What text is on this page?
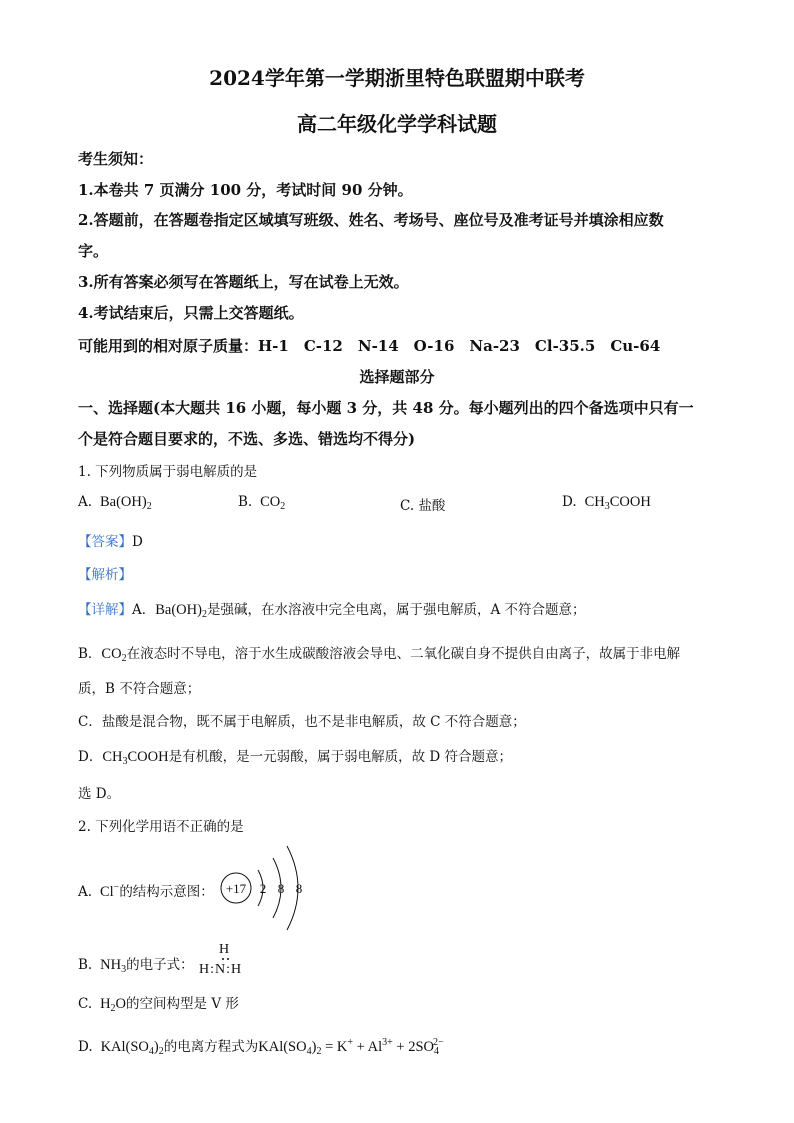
2024学年第一学期浙里特色联盟期中联考
高二年级化学学科试题
考生须知：
1.本卷共 7 页满分 100 分，考试时间 90 分钟。
2.答题前，在答题卷指定区域填写班级、姓名、考场号、座位号及准考证号并填涂相应数
字。
3.所有答案必须写在答题纸上，写在试卷上无效。
4.考试结束后，只需上交答题纸。
可能用到的相对原子质量：H-1　C-12　N-14　O-16　Na-23　Cl-35.5　Cu-64
选择题部分
一、选择题(本大题共 16 小题，每小题 3 分，共 48 分。每小题列出的四个备选项中只有一
个是符合题目要求的，不选、多选、错选均不得分)
1. 下列物质属于弱电解质的是
A.  $Ba(OH)_2$	B. $CO_2$	C. 盐酸	D. $CH_3COOH$
【答案】D
【解析】
【详解】A．$Ba(OH)_2$是强碱，在水溶液中完全电离，属于强电解质，A 不符合题意；
B．$CO_2$在液态时不导电，溶于水生成碳酸溶液会导电、二氧化碳自身不提供自由离子，故属于非电解
质，B 不符合题意；
C．盐酸是混合物，既不属于电解质，也不是非电解质，故 C 不符合题意；
D．$CH_3COOH$是有机酸，是一元弱酸，属于弱电解质，故 D 符合题意；
选 D。
2. 下列化学用语不正确的是
A.  Cl−的结构示意图： +17 2 8 8
B.  $NH_3$的电子式：
H
H:N:H
C.  $H_2O$的空间构型是 V 形
D.  $KAl(SO_4)_2$的电离方程式为$KAl(SO_4)_2 = K^+ + Al^{3+} + 2SO_4^{2-}$
